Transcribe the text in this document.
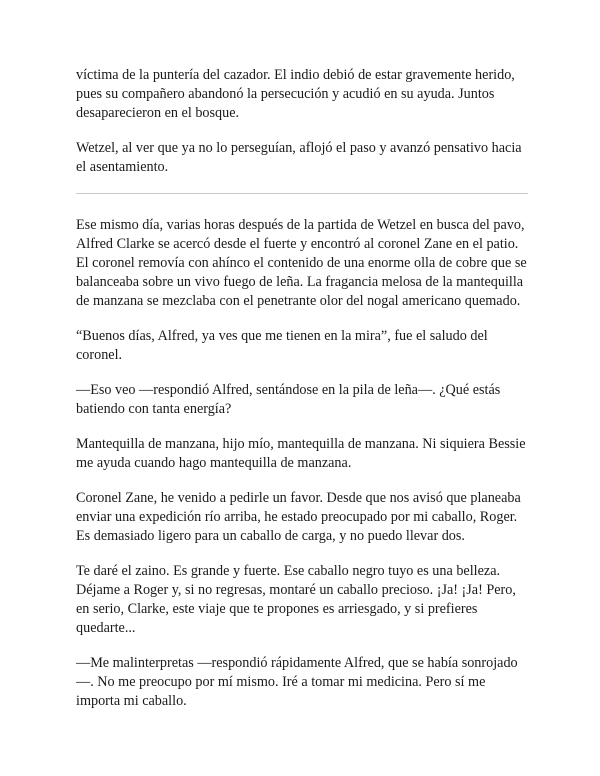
víctima de la puntería del cazador. El indio debió de estar gravemente herido, pues su compañero abandonó la persecución y acudió en su ayuda. Juntos desaparecieron en el bosque.

Wetzel, al ver que ya no lo perseguían, aflojó el paso y avanzó pensativo hacia el asentamiento.

Ese mismo día, varias horas después de la partida de Wetzel en busca del pavo, Alfred Clarke se acercó desde el fuerte y encontró al coronel Zane en el patio. El coronel removía con ahínco el contenido de una enorme olla de cobre que se balanceaba sobre un vivo fuego de leña. La fragancia melosa de la mantequilla de manzana se mezclaba con el penetrante olor del nogal americano quemado.

“Buenos días, Alfred, ya ves que me tienen en la mira”, fue el saludo del coronel.

—Eso veo —respondió Alfred, sentándose en la pila de leña—. ¿Qué estás batiendo con tanta energía?

Mantequilla de manzana, hijo mío, mantequilla de manzana. Ni siquiera Bessie me ayuda cuando hago mantequilla de manzana.

Coronel Zane, he venido a pedirle un favor. Desde que nos avisó que planeaba enviar una expedición río arriba, he estado preocupado por mi caballo, Roger. Es demasiado ligero para un caballo de carga, y no puedo llevar dos.

Te daré el zaino. Es grande y fuerte. Ese caballo negro tuyo es una belleza. Déjame a Roger y, si no regresas, montaré un caballo precioso. ¡Ja! ¡Ja! Pero, en serio, Clarke, este viaje que te propones es arriesgado, y si prefieres quedarte...

—Me malinterpretas —respondió rápidamente Alfred, que se había sonrojado—. No me preocupo por mí mismo. Iré a tomar mi medicina. Pero sí me importa mi caballo.
